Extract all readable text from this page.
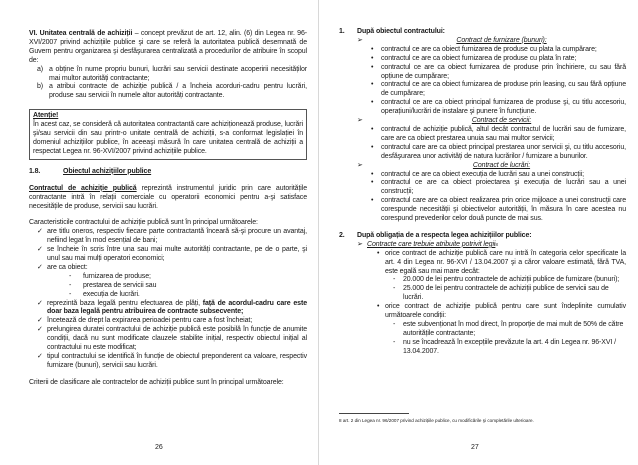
VI. Unitatea centrală de achiziții – concept prevăzut de art. 12, alin. (6) din Legea nr. 96-XVI/2007 privind achizițiile publice şi care se referă la autoritatea publică desemnată de Guvern pentru organizarea şi desfăşurarea centralizată a procedurilor de atribuire în scopul de:

a) a obține în nume propriu bunuri, lucrări sau servicii destinate acoperirii necesităților mai multor autorități contractante;
b) a atribui contracte de achiziție publică / a încheia acorduri-cadru pentru lucrări, produse sau servicii în numele altor autorități contractante.
Atenție!
În acest caz, se consideră că autoritatea contractantă care achiziționează produse, lucrări şi/sau servicii din sau printr-o unitate centrală de achiziții, s-a conformat legislației în domeniul achizițiilor publice, în aceeaşi măsură în care unitatea centrală de achiziții a respectat Legea nr. 96-XVI/2007 privind achizițiile publice.
1.8.	Obiectul achizițiilor publice

Contractul de achiziție publică reprezintă instrumentul juridic prin care autoritățile contractante intră în relații comerciale cu operatorii economici pentru a-şi satisface necesitățile de produse, servicii sau lucrări.

Caracteristicile contractului de achiziție publică sunt în principal următoarele:

✓ are titlu oneros, respectiv fiecare parte contractantă înceară să-şi procure un avantaj, nefiind legat în mod esențial de bani;
✓ se încheie în scris între una sau mai multe autorități contractante, pe de o parte, şi unul sau mai mulți operatori economici;
✓ are ca obiect:
-	furnizarea de produse;
-	prestarea de servicii sau
-	execuția de lucrări.
✓ reprezintă baza legală pentru efectuarea de plăți, față de acordul-cadru care este doar baza legală pentru atribuirea de contracte subsecvente;
✓ încetează de drept la expirarea perioadei pentru care a fost încheiat;
✓ prelungirea duratei contractului de achiziție publică este posibilă în funcție de anumite condiții, dacă nu sunt modificate clauzele stabilite inițial, respectiv obiectul inițial al contractului nu este modificat;
✓ tipul contractului se identifică în funcție de obiectul preponderent ca valoare, respectiv furnizare (bunuri), servicii sau lucrări.

Criterii de clasificare ale contractelor de achiziții publice sunt în principal următoarele:

26
1.	După obiectul contractului:
➢	Contract de furnizare (bunuri):
•	contractul ce are ca obiect furnizarea de produse cu plata la cumpărare;
•	contractul ce are ca obiect furnizarea de produse cu plata în rate;
•	contractul ce are ca obiect furnizarea de produse prin închiriere, cu sau fără opțiune de cumpărare;
•	contractul ce are ca obiect furnizarea de produse prin leasing, cu sau fără opțiune de cumpărare;
•	contractul ce are ca obiect principal furnizarea de produse şi, cu titlu accesoriu, operațiuni/lucrări de instalare şi punere în funcțiune.
➢	Contract de servicii:
•	contractul de achiziție publică, altul decât contractul de lucrări sau de furnizare, care are ca obiect prestarea unuia sau mai multor servicii;
•	contractul care are ca obiect principal prestarea unor servicii şi, cu titlu accesoriu, desfăşurarea unor activități de natura lucrărilor / furnizare a bunurilor.
➢	Contract de lucrări:
•	contractul ce are ca obiect execuția de lucrări sau a unei construcții;
•	contractul ce are ca obiect proiectarea şi execuția de lucrări sau a unei construcții;
•	contractul care are ca obiect realizarea prin orice mijloace a unei construcții care corespunde necesității şi obiectivelor autorității, în măsura în care acestea nu corespund prevederilor celor două puncte de mai sus.
2.	După obligația de a respecta legea achizițiilor publice:
➢ Contracte care trebuie atribuite potrivit legii 8
• orice contract de achiziție publică care nu intră în categoria celor specificate la art. 4 din Legea nr. 96-XVI / 13.04.2007 şi a căror valoare estimată, fără TVA, este egală sau mai mare decât:
-	20.000 de lei pentru contractele de achiziții publice de furnizare (bunuri);
-	25.000 de lei pentru contractele de achiziții publice de servicii sau de lucrări.
• orice contract de achiziție publică pentru care sunt îndeplinite cumulativ următoarele condiții:
-	este subvenționat în mod direct, în proporție de mai mult de 50% de către autoritățile contractante;
-	nu se încadrează în excepțiile prevăzute la art. 4 din Legea nr. 96-XVI / 13.04.2007.
8 art. 2 din Legea nr. 96/2007 privind achizițiile publice, cu modificările şi completările ulterioare.
27
